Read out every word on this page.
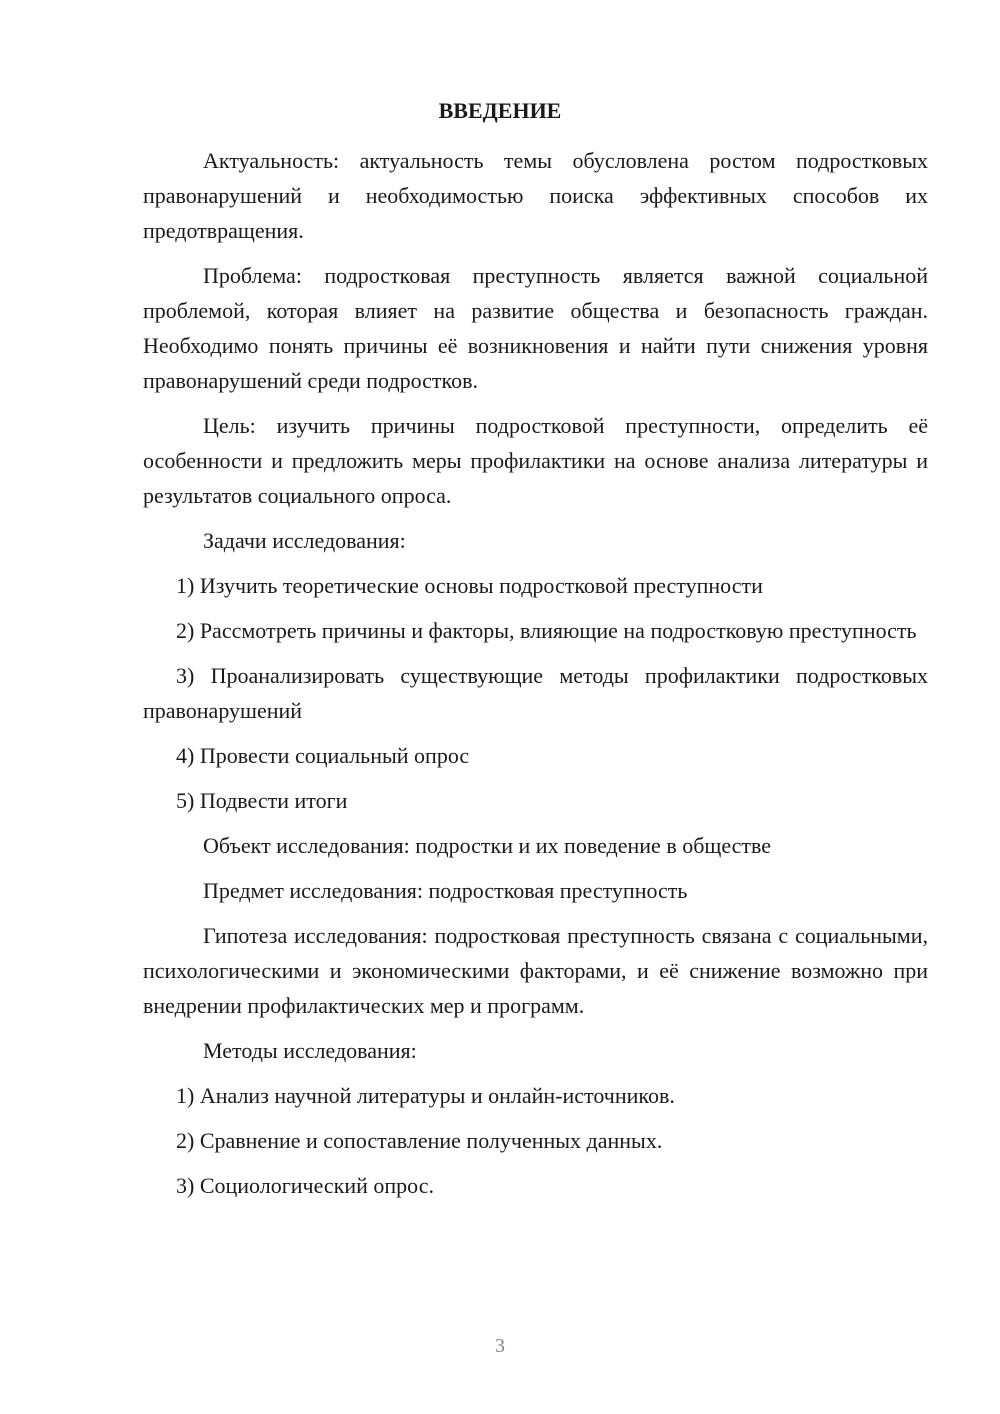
ВВЕДЕНИЕ

Актуальность: актуальность темы обусловлена ростом подростковых правонарушений и необходимостью поиска эффективных способов их предотвращения.

Проблема: подростковая преступность является важной социальной проблемой, которая влияет на развитие общества и безопасность граждан. Необходимо понять причины её возникновения и найти пути снижения уровня правонарушений среди подростков.

Цель: изучить причины подростковой преступности, определить её особенности и предложить меры профилактики на основе анализа литературы и результатов социального опроса.

Задачи исследования:

1) Изучить теоретические основы подростковой преступности

2) Рассмотреть причины и факторы, влияющие на подростковую преступность

3) Проанализировать существующие методы профилактики подростковых правонарушений

4) Провести социальный опрос

5) Подвести итоги

Объект исследования: подростки и их поведение в обществе

Предмет исследования: подростковая преступность

Гипотеза исследования: подростковая преступность связана с социальными, психологическими и экономическими факторами, и её снижение возможно при внедрении профилактических мер и программ.

Методы исследования:

1) Анализ научной литературы и онлайн-источников.

2) Сравнение и сопоставление полученных данных.

3) Социологический опрос.

3
